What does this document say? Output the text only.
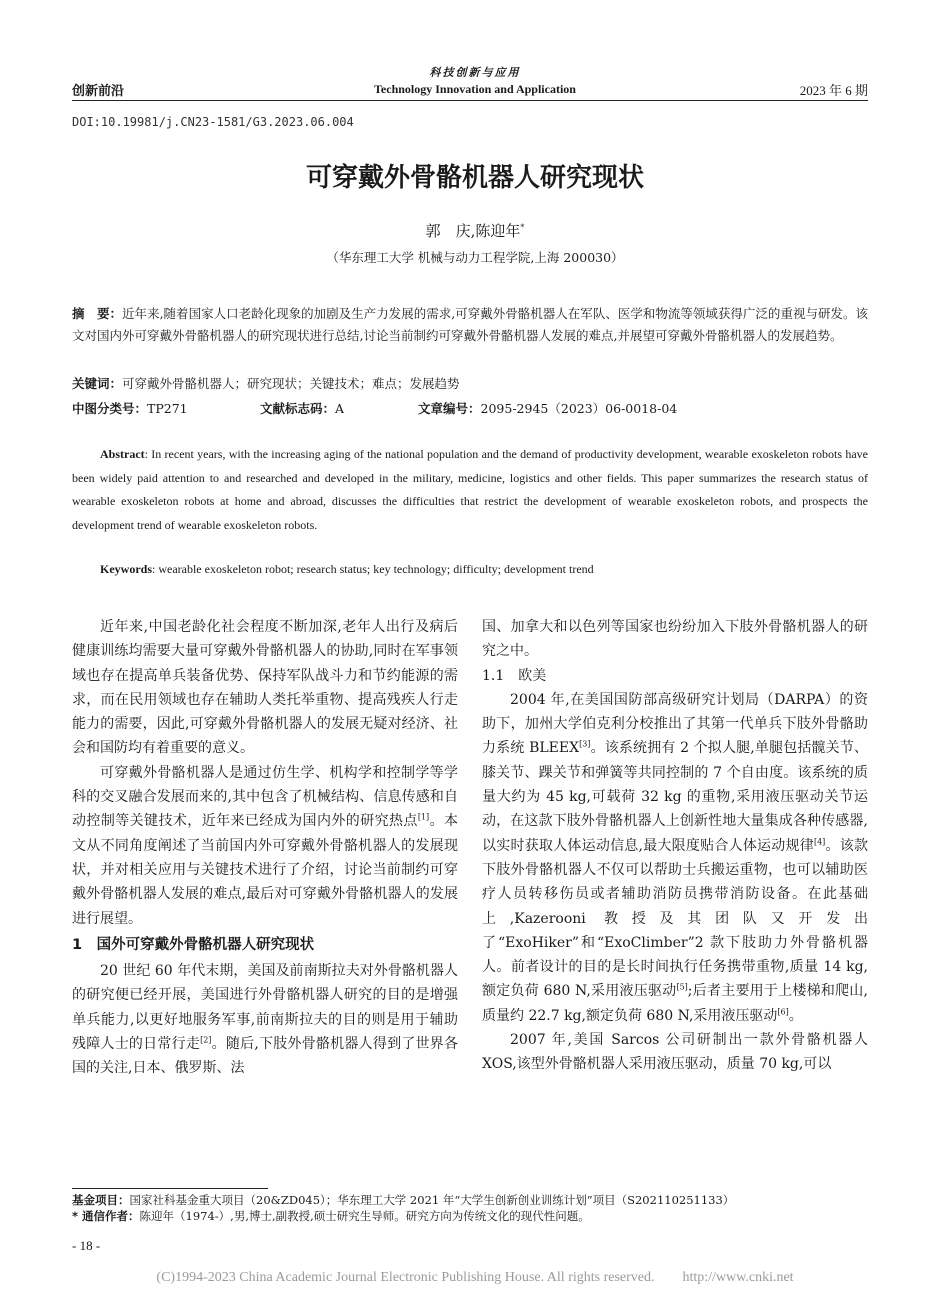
创新前沿
科技创新与应用
Technology Innovation and Application	2023 年 6 期
DOI:10.19981/j.CN23-1581/G3.2023.06.004
可穿戴外骨骼机器人研究现状
郭　庆,陈迎年*
（华东理工大学 机械与动力工程学院,上海 200030）
摘　要：近年来,随着国家人口老龄化现象的加剧及生产力发展的需求,可穿戴外骨骼机器人在军队、医学和物流等领域获得广泛的重视与研发。该文对国内外可穿戴外骨骼机器人的研究现状进行总结,讨论当前制约可穿戴外骨骼机器人发展的难点,并展望可穿戴外骨骼机器人的发展趋势。
关键词：可穿戴外骨骼机器人；研究现状；关键技术；难点；发展趋势
中图分类号：TP271	文献标志码：A	文章编号：2095-2945（2023）06-0018-04
Abstract: In recent years, with the increasing aging of the national population and the demand of productivity development, wearable exoskeleton robots have been widely paid attention to and researched and developed in the military, medicine, logistics and other fields. This paper summarizes the research status of wearable exoskeleton robots at home and abroad, discusses the difficulties that restrict the development of wearable exoskeleton robots, and prospects the development trend of wearable exoskeleton robots.
Keywords: wearable exoskeleton robot; research status; key technology; difficulty; development trend

近年来,中国老龄化社会程度不断加深,老年人出行及病后健康训练均需要大量可穿戴外骨骼机器人的协助,同时在军事领域也存在提高单兵装备优势、保持军队战斗力和节约能源的需求，而在民用领域也存在辅助人类托举重物、提高残疾人行走能力的需要，因此,可穿戴外骨骼机器人的发展无疑对经济、社会和国防均有着重要的意义。

可穿戴外骨骼机器人是通过仿生学、机构学和控制学等学科的交叉融合发展而来的,其中包含了机械结构、信息传感和自动控制等关键技术，近年来已经成为国内外的研究热点[1]。本文从不同角度阐述了当前国内外可穿戴外骨骼机器人的发展现状，并对相关应用与关键技术进行了介绍，讨论当前制约可穿戴外骨骼机器人发展的难点,最后对可穿戴外骨骼机器人的发展进行展望。

1　国外可穿戴外骨骼机器人研究现状

20 世纪 60 年代末期，美国及前南斯拉夫对外骨骼机器人的研究便已经开展，美国进行外骨骼机器人研究的目的是增强单兵能力,以更好地服务军事,前南斯拉夫的目的则是用于辅助残障人士的日常行走[2]。随后,下肢外骨骼机器人得到了世界各国的关注,日本、俄罗斯、法

国、加拿大和以色列等国家也纷纷加入下肢外骨骼机器人的研究之中。

1.1　欧美

2004 年,在美国国防部高级研究计划局（DARPA）的资助下，加州大学伯克利分校推出了其第一代单兵下肢外骨骼助力系统 BLEEX[3]。该系统拥有 2 个拟人腿,单腿包括髋关节、膝关节、踝关节和弹簧等共同控制的 7 个自由度。该系统的质量大约为 45 kg,可载荷 32 kg 的重物,采用液压驱动关节运动，在这款下肢外骨骼机器人上创新性地大量集成各种传感器,以实时获取人体运动信息,最大限度贴合人体运动规律[4]。该款下肢外骨骼机器人不仅可以帮助士兵搬运重物，也可以辅助医疗人员转移伤员或者辅助消防员携带消防设备。在此基础上,Kazerooni 教授及其团队又开发出了“ExoHiker”和“ExoClimber”2 款下肢助力外骨骼机器人。前者设计的目的是长时间执行任务携带重物,质量 14 kg,额定负荷 680 N,采用液压驱动[5];后者主要用于上楼梯和爬山,质量约 22.7 kg,额定负荷 680 N,采用液压驱动[6]。

2007 年,美国 Sarcos 公司研制出一款外骨骼机器人 XOS,该型外骨骼机器人采用液压驱动，质量 70 kg,可以

基金项目：国家社科基金重大项目（20&ZD045）；华东理工大学 2021 年“大学生创新创业训练计划”项目（S202110251133）
* 通信作者：陈迎年（1974-）,男,博士,副教授,硕士研究生导师。研究方向为传统文化的现代性问题。
- 18 -
(C)1994-2023 China Academic Journal Electronic Publishing House. All rights reserved.　　http://www.cnki.net
